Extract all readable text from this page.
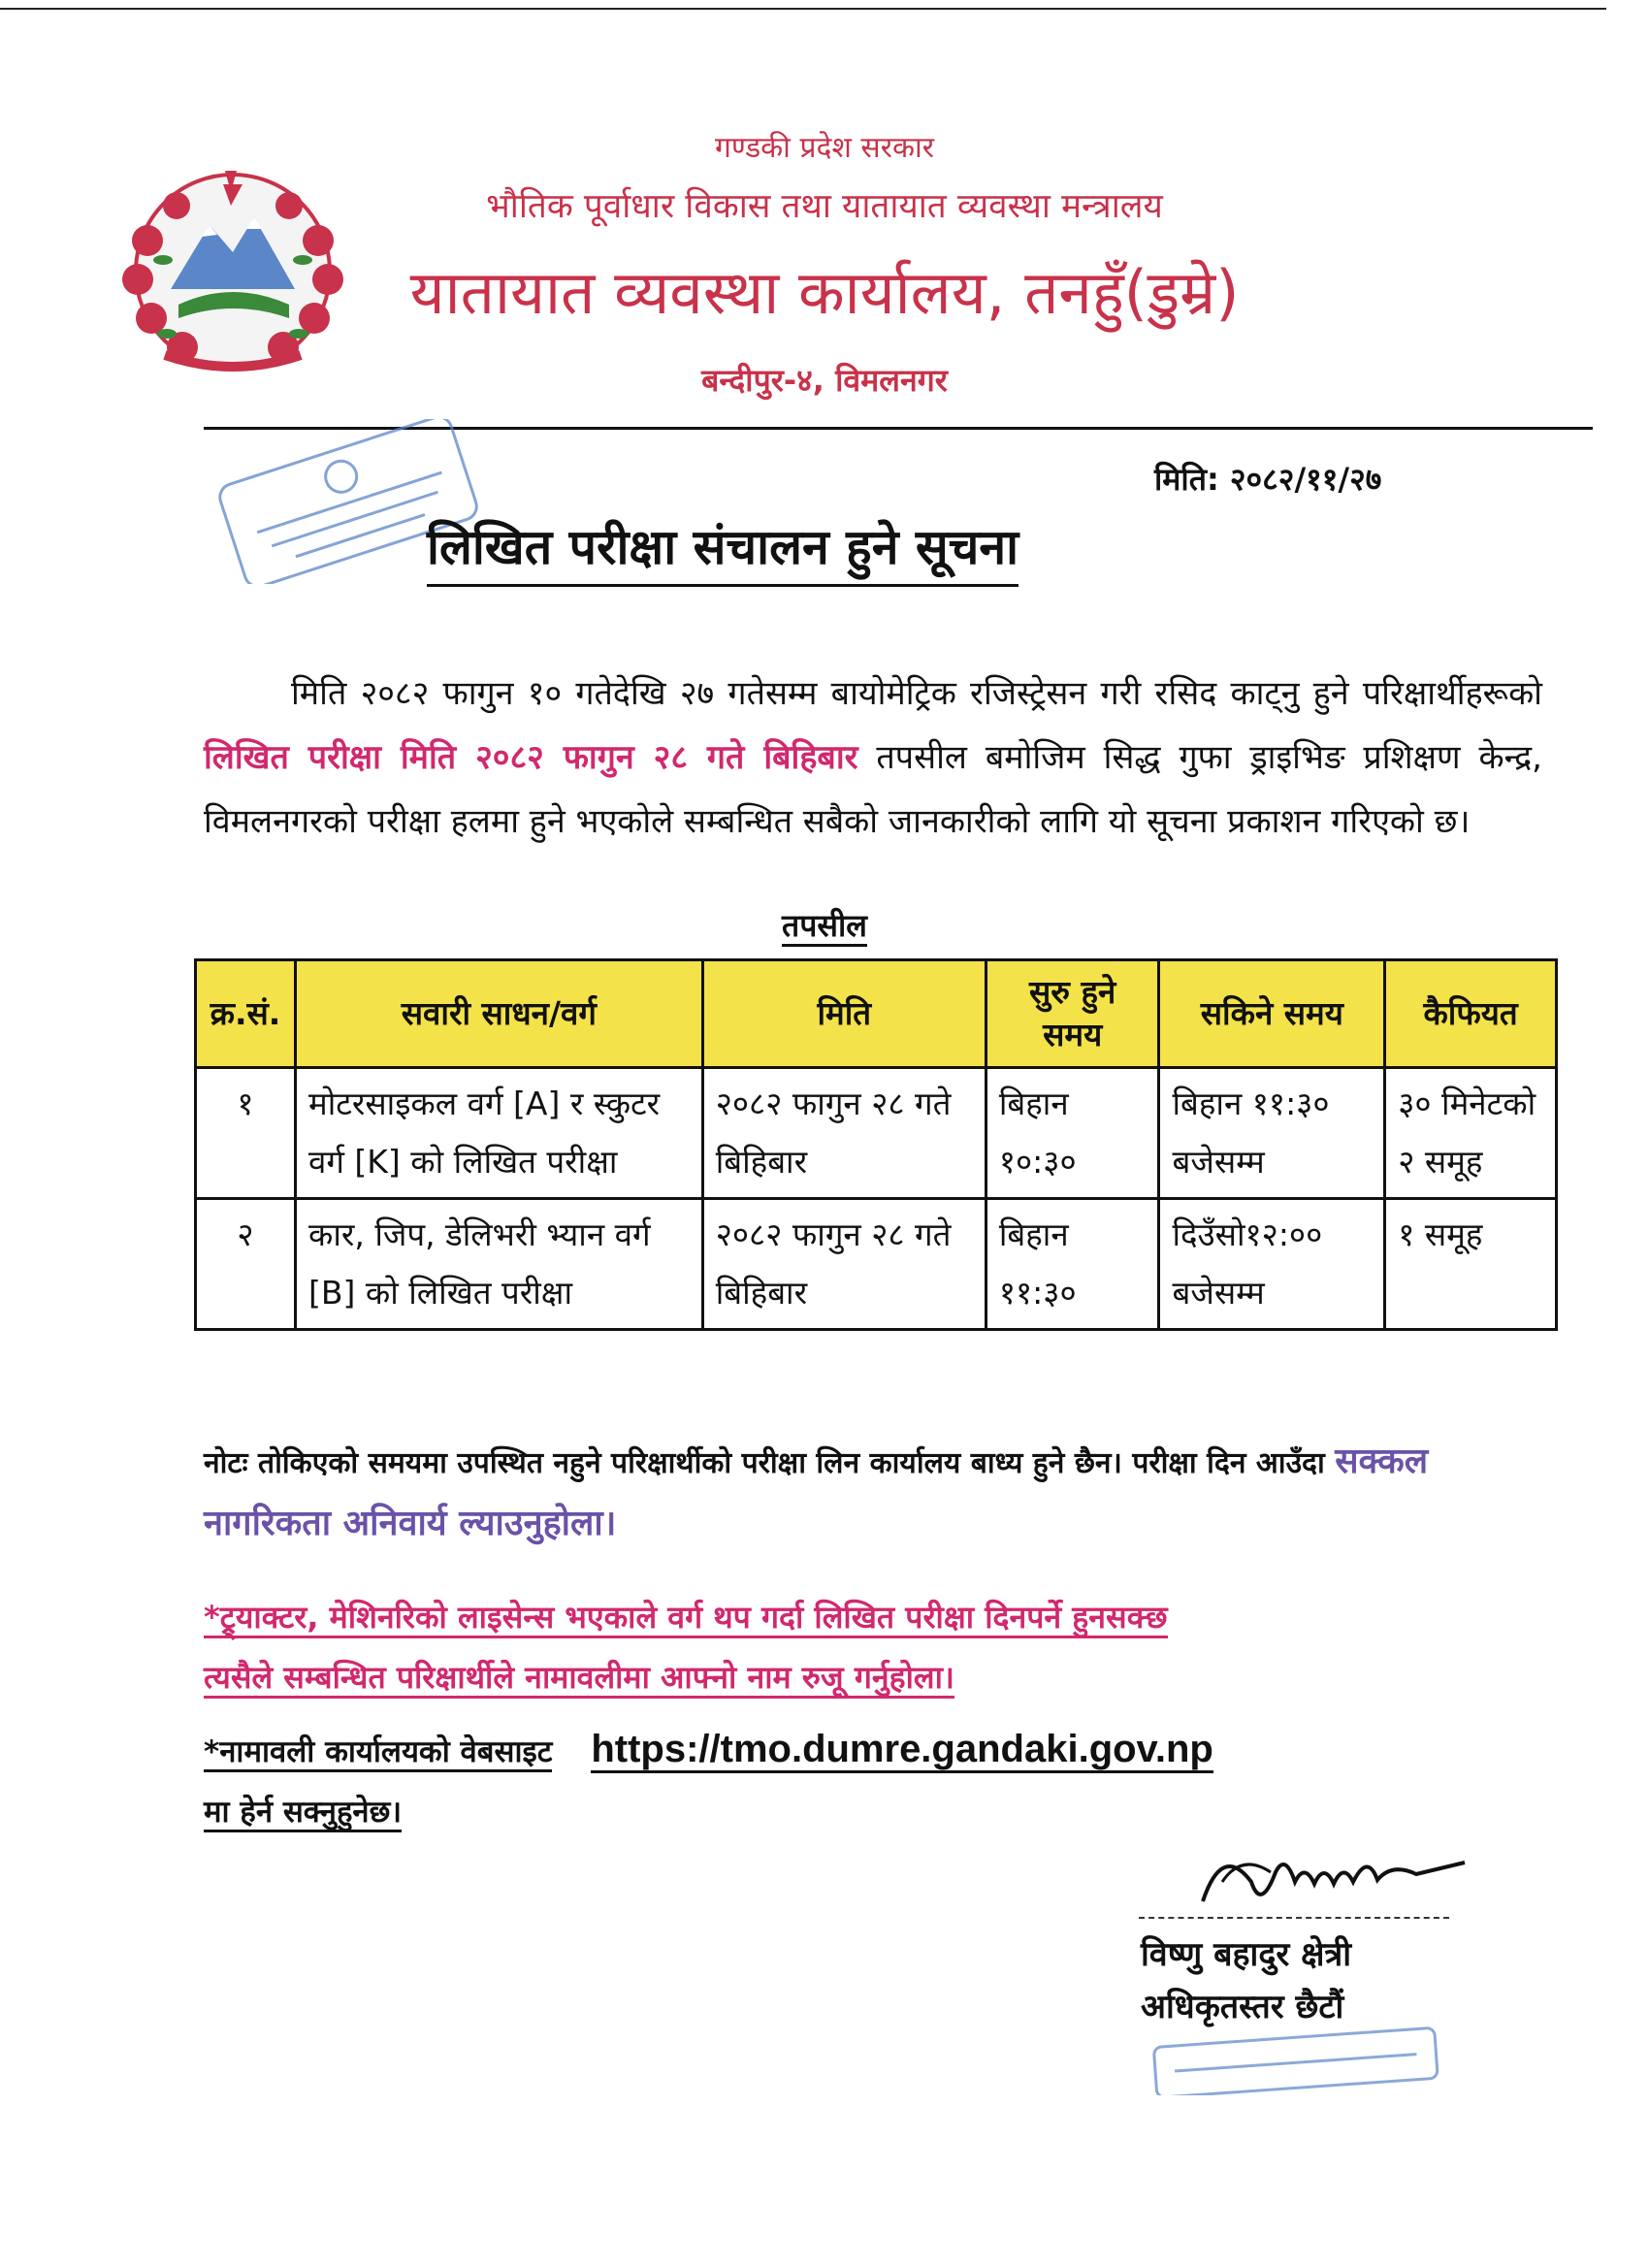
गण्डकी प्रदेश सरकार
भौतिक पूर्वाधार विकास तथा यातायात व्यवस्था मन्त्रालय
यातायात व्यवस्था कार्यालय, तनहुँ(डुम्रे)
बन्दीपुर-४, विमलनगर
मिति: २०८२/११/२७
लिखित परीक्षा संचालन हुने सूचना
मिति २०८२ फागुन १० गतेदेखि २७ गतेसम्म बायोमेट्रिक रजिस्ट्रेसन गरी रसिद काट्नु हुने परिक्षार्थीहरूको लिखित परीक्षा मिति २०८२ फागुन २८ गते बिहिबार तपसील बमोजिम सिद्ध गुफा ड्राइभिङ प्रशिक्षण केन्द्र, विमलनगरको परीक्षा हलमा हुने भएकोले सम्बन्धित सबैको जानकारीको लागि यो सूचना प्रकाशन गरिएको छ।
तपसील
क्र.सं.	सवारी साधन/वर्ग	मिति	सुरु हुने समय	सकिने समय	कैफियत
१	मोटरसाइकल वर्ग [A] र स्कुटर वर्ग [K] को लिखित परीक्षा	२०८२ फागुन २८ गते बिहिबार	बिहान १०:३०	बिहान ११:३० बजेसम्म	३० मिनेटको २ समूह
२	कार, जिप, डेलिभरी भ्यान वर्ग [B] को लिखित परीक्षा	२०८२ फागुन २८ गते बिहिबार	बिहान ११:३०	दिउँसो१२:०० बजेसम्म	१ समूह
नोटः तोकिएको समयमा उपस्थित नहुने परिक्षार्थीको परीक्षा लिन कार्यालय बाध्य हुने छैन। परीक्षा दिन आउँदा सक्कल नागरिकता अनिवार्य ल्याउनुहोला।
*ट्र्याक्टर, मेशिनरिको लाइसेन्स भएकाले वर्ग थप गर्दा लिखित परीक्षा दिनपर्ने हुनसक्छ
त्यसैले सम्बन्धित परिक्षार्थीले नामावलीमा आफ्नो नाम रुजू गर्नुहोला।
*नामावली कार्यालयको वेबसाइट https://tmo.dumre.gandaki.gov.np
मा हेर्न सक्नुहुनेछ।
विष्णु बहादुर क्षेत्री
अधिकृतस्तर छैटौं
